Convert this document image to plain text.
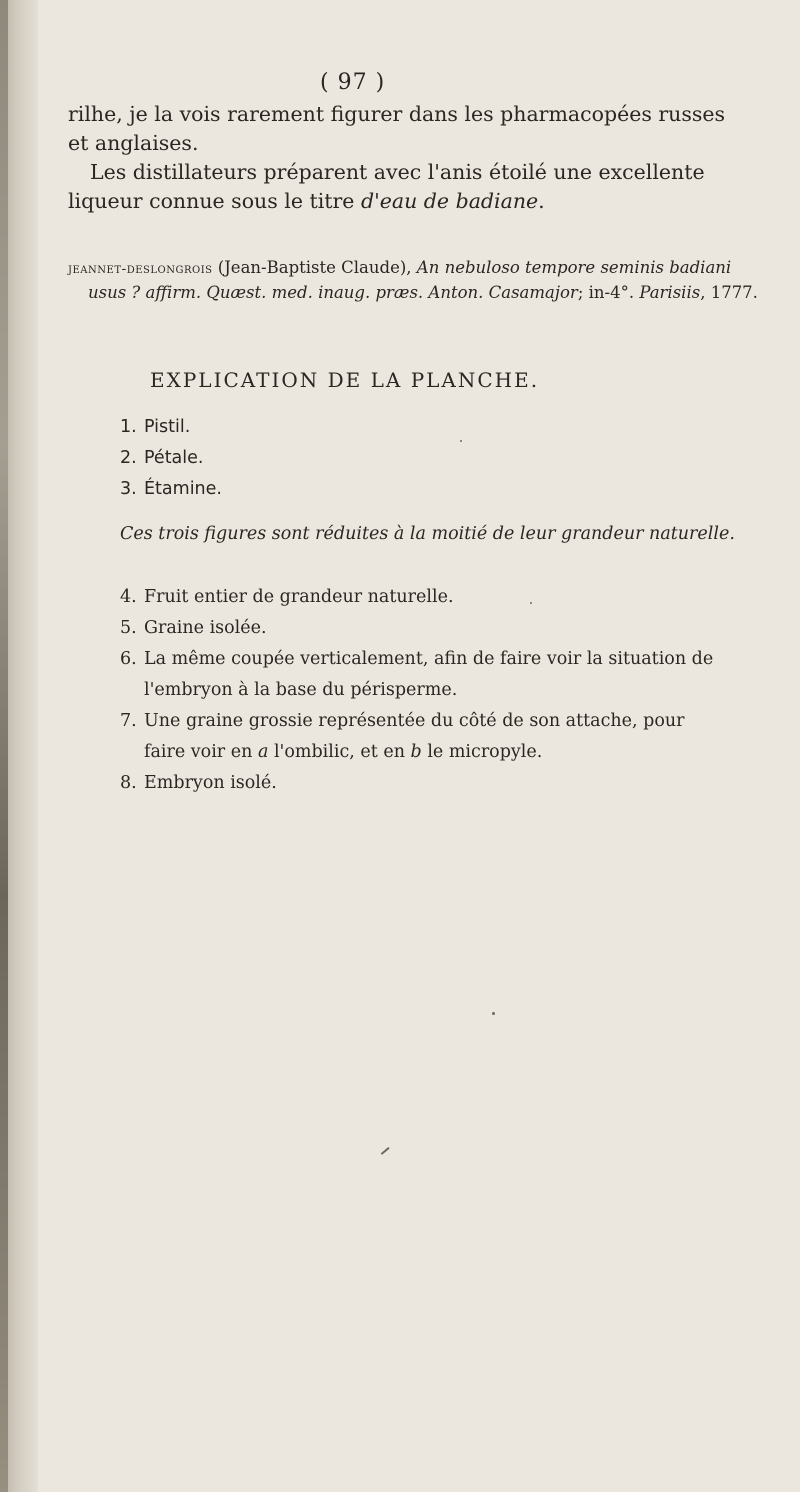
( 97 )
rilhe, je la vois rarement figurer dans les pharmacopées russes et anglaises.
Les distillateurs préparent avec l'anis étoilé une excellente liqueur connue sous le titre d'eau de badiane.
jeannet-deslongrois (Jean-Baptiste Claude), An nebuloso tempore seminis badiani usus ? affirm. Quæst. med. inaug. præs. Anton. Casamajor; in-4°. Parisiis, 1777.
EXPLICATION DE LA PLANCHE.
1. Pistil.
2. Pétale.
3. Étamine.
Ces trois figures sont réduites à la moitié de leur grandeur naturelle.
4. Fruit entier de grandeur naturelle.
5. Graine isolée.
6. La même coupée verticalement, afin de faire voir la situation de l'embryon à la base du périsperme.
7. Une graine grossie représentée du côté de son attache, pour faire voir en a l'ombilic, et en b le micropyle.
8. Embryon isolé.
